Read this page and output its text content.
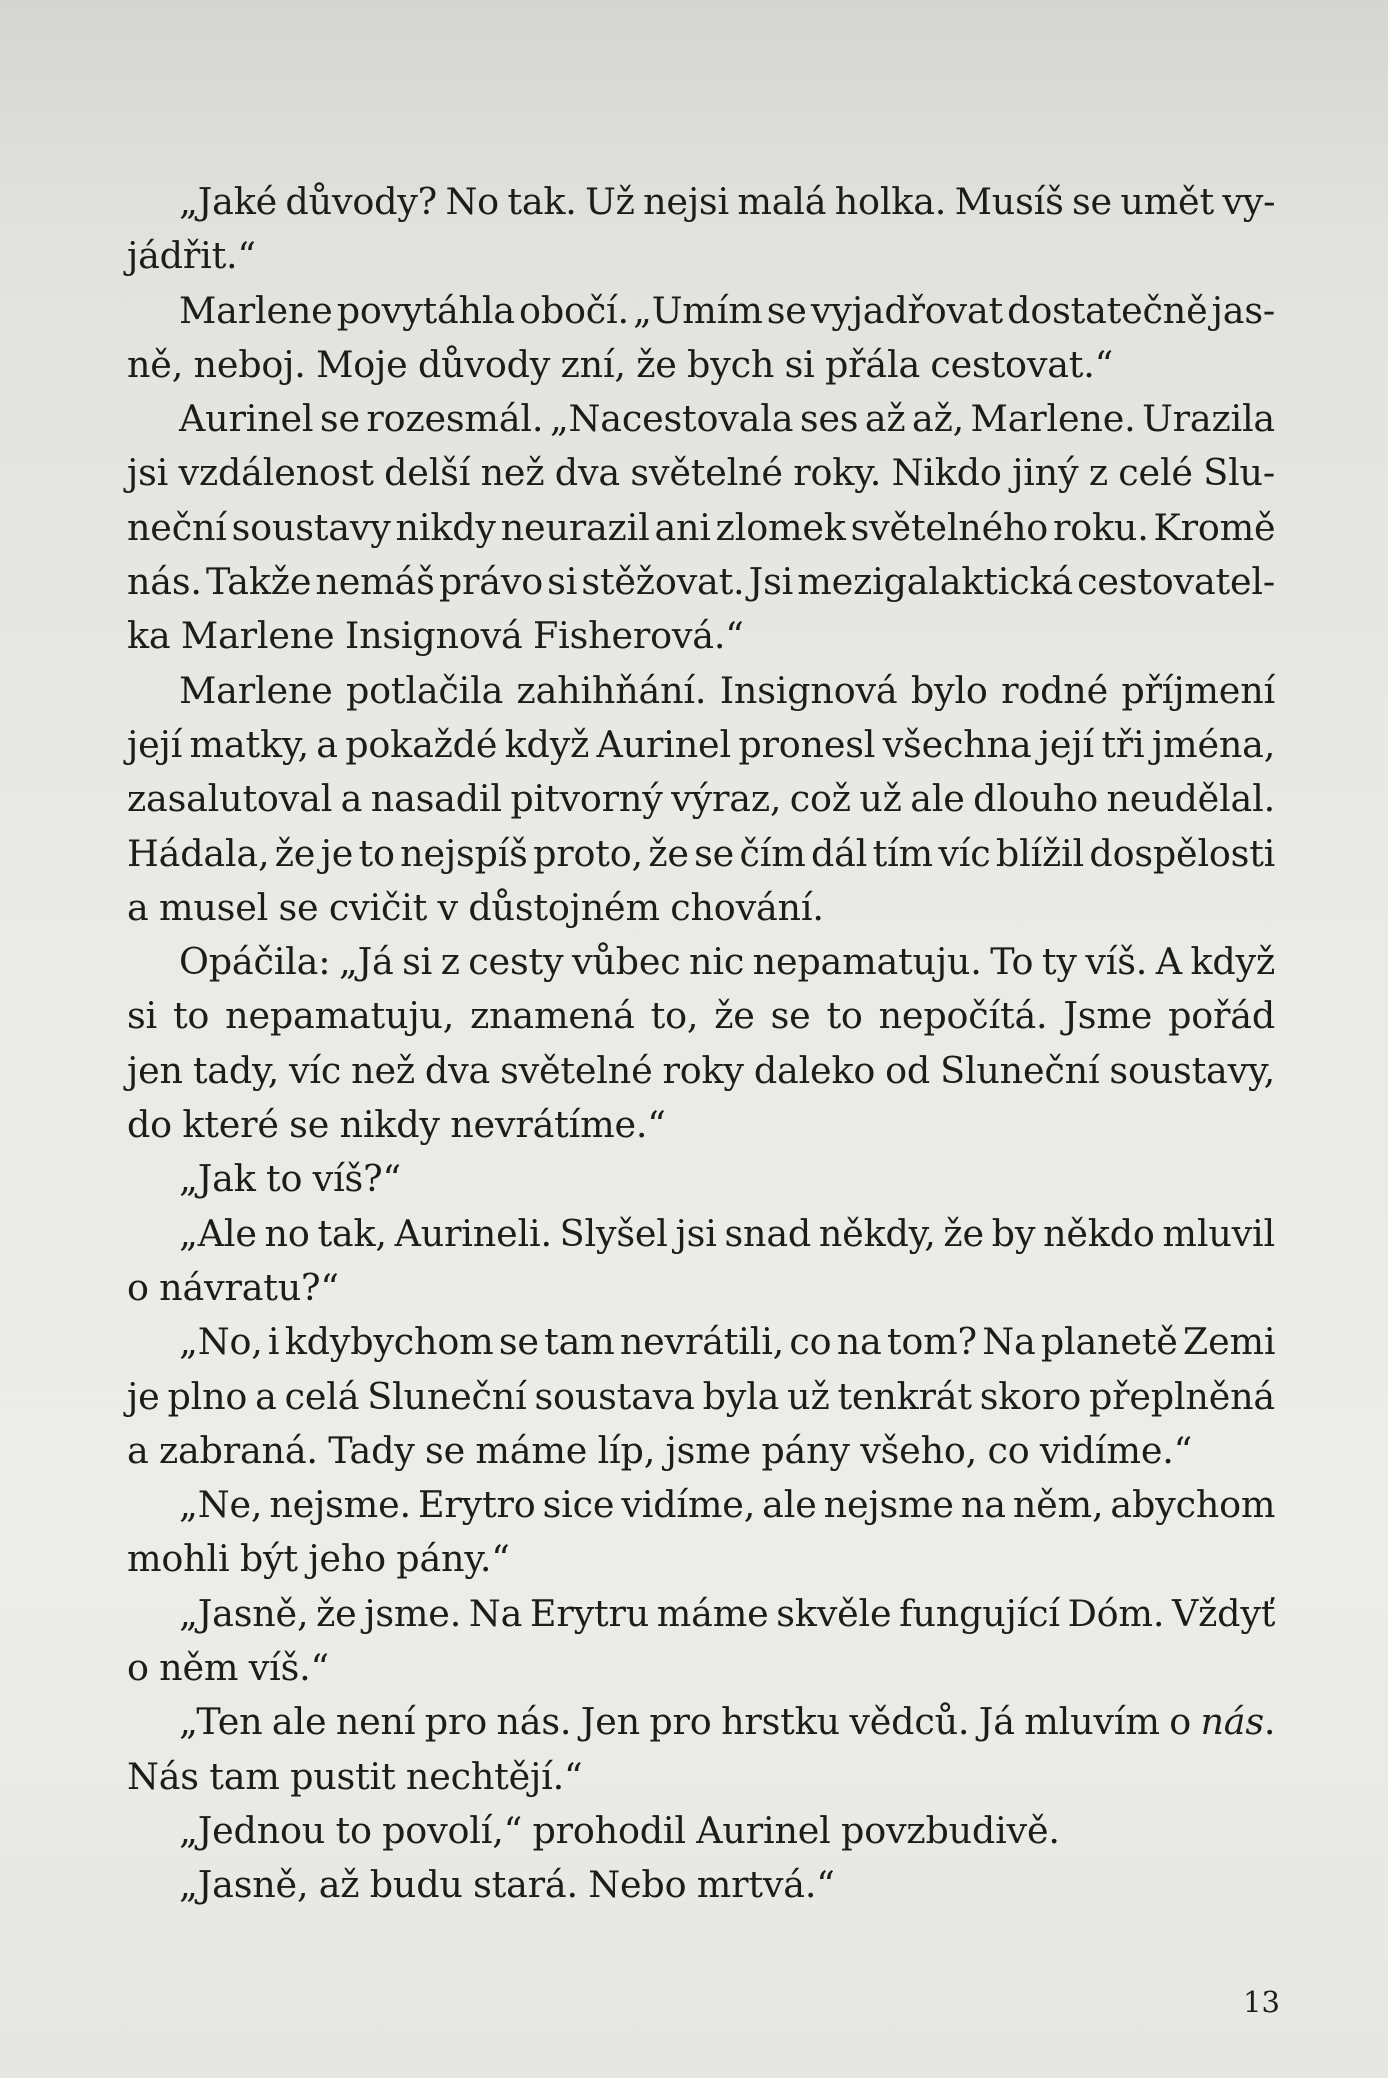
„Jaké důvody? No tak. Už nejsi malá holka. Musíš se umět vy-
jádřit.“
Marlene povytáhla obočí. „Umím se vyjadřovat dostatečně jas-
ně, neboj. Moje důvody zní, že bych si přála cestovat.“
Aurinel se rozesmál. „Nacestovala ses až až, Marlene. Urazila
jsi vzdálenost delší než dva světelné roky. Nikdo jiný z celé Slu-
neční soustavy nikdy neurazil ani zlomek světelného roku. Kromě
nás. Takže nemáš právo si stěžovat. Jsi mezigalaktická cestovatel-
ka Marlene Insignová Fisherová.“
Marlene potlačila zahihňání. Insignová bylo rodné příjmení
její matky, a pokaždé když Aurinel pronesl všechna její tři jména,
zasalutoval a nasadil pitvorný výraz, což už ale dlouho neudělal.
Hádala, že je to nejspíš proto, že se čím dál tím víc blížil dospělosti
a musel se cvičit v důstojném chování.
Opáčila: „Já si z cesty vůbec nic nepamatuju. To ty víš. A když
si to nepamatuju, znamená to, že se to nepočítá. Jsme pořád
jen tady, víc než dva světelné roky daleko od Sluneční soustavy,
do které se nikdy nevrátíme.“
„Jak to víš?“
„Ale no tak, Aurineli. Slyšel jsi snad někdy, že by někdo mluvil
o návratu?“
„No, i kdybychom se tam nevrátili, co na tom? Na planetě Zemi
je plno a celá Sluneční soustava byla už tenkrát skoro přeplněná
a zabraná. Tady se máme líp, jsme pány všeho, co vidíme.“
„Ne, nejsme. Erytro sice vidíme, ale nejsme na něm, abychom
mohli být jeho pány.“
„Jasně, že jsme. Na Erytru máme skvěle fungující Dóm. Vždyť
o něm víš.“
„Ten ale není pro nás. Jen pro hrstku vědců. Já mluvím o nás.
Nás tam pustit nechtějí.“
„Jednou to povolí,“ prohodil Aurinel povzbudivě.
„Jasně, až budu stará. Nebo mrtvá.“
13
